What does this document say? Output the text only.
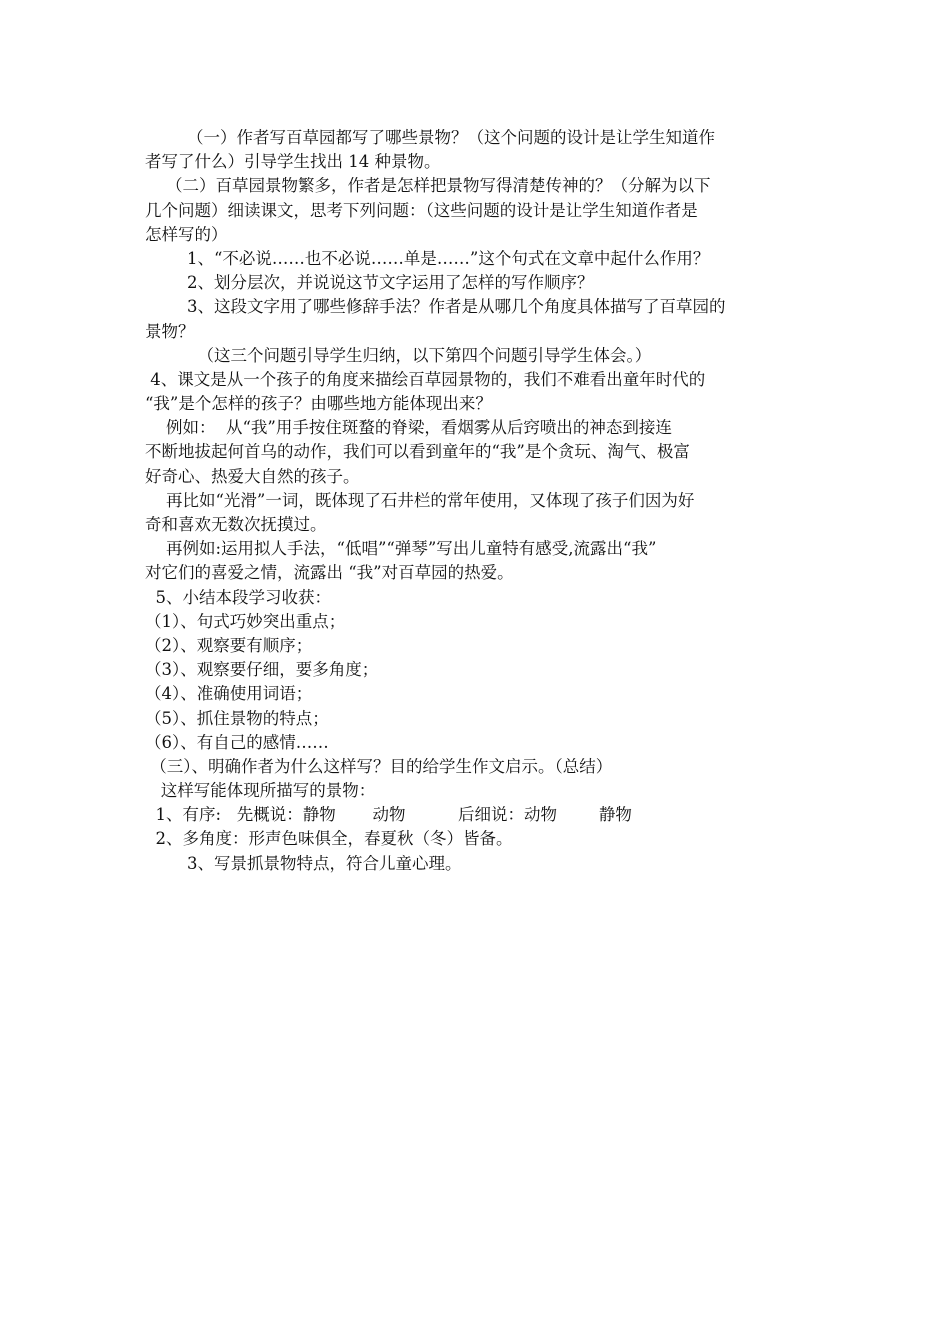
（一）作者写百草园都写了哪些景物？（这个问题的设计是让学生知道作
者写了什么）引导学生找出 14 种景物。
（二）百草园景物繁多，作者是怎样把景物写得清楚传神的？（分解为以下
几个问题）细读课文，思考下列问题：（这些问题的设计是让学生知道作者是
怎样写的）
1、“不必说……也不必说……单是……”这个句式在文章中起什么作用？
2、划分层次，并说说这节文字运用了怎样的写作顺序？
3、这段文字用了哪些修辞手法？作者是从哪几个角度具体描写了百草园的
景物？
（这三个问题引导学生归纳，以下第四个问题引导学生体会。）
4、课文是从一个孩子的角度来描绘百草园景物的，我们不难看出童年时代的
“我”是个怎样的孩子？由哪些地方能体现出来？
例如：  从“我”用手按住斑蝥的脊梁，看烟雾从后窍喷出的神态到接连
不断地拔起何首乌的动作，我们可以看到童年的“我”是个贪玩、淘气、极富
好奇心、热爱大自然的孩子。
再比如“光滑”一词，既体现了石井栏的常年使用，又体现了孩子们因为好
奇和喜欢无数次抚摸过。
再例如:运用拟人手法，“低唱”“弹琴”写出儿童特有感受,流露出“我”
对它们的喜爱之情，流露出 “我”对百草园的热爱。
5、小结本段学习收获：
（1）、句式巧妙突出重点；
（2）、观察要有顺序；
（3）、观察要仔细，要多角度；
（4）、准确使用词语；
（5）、抓住景物的特点；
（6）、有自己的感情……
（三）、明确作者为什么这样写？目的给学生作文启示。（总结）
这样写能体现所描写的景物：
1、有序:   先概说：静物       动物          后细说：动物        静物
2、多角度：形声色味俱全，春夏秋（冬）皆备。
3、写景抓景物特点，符合儿童心理。
